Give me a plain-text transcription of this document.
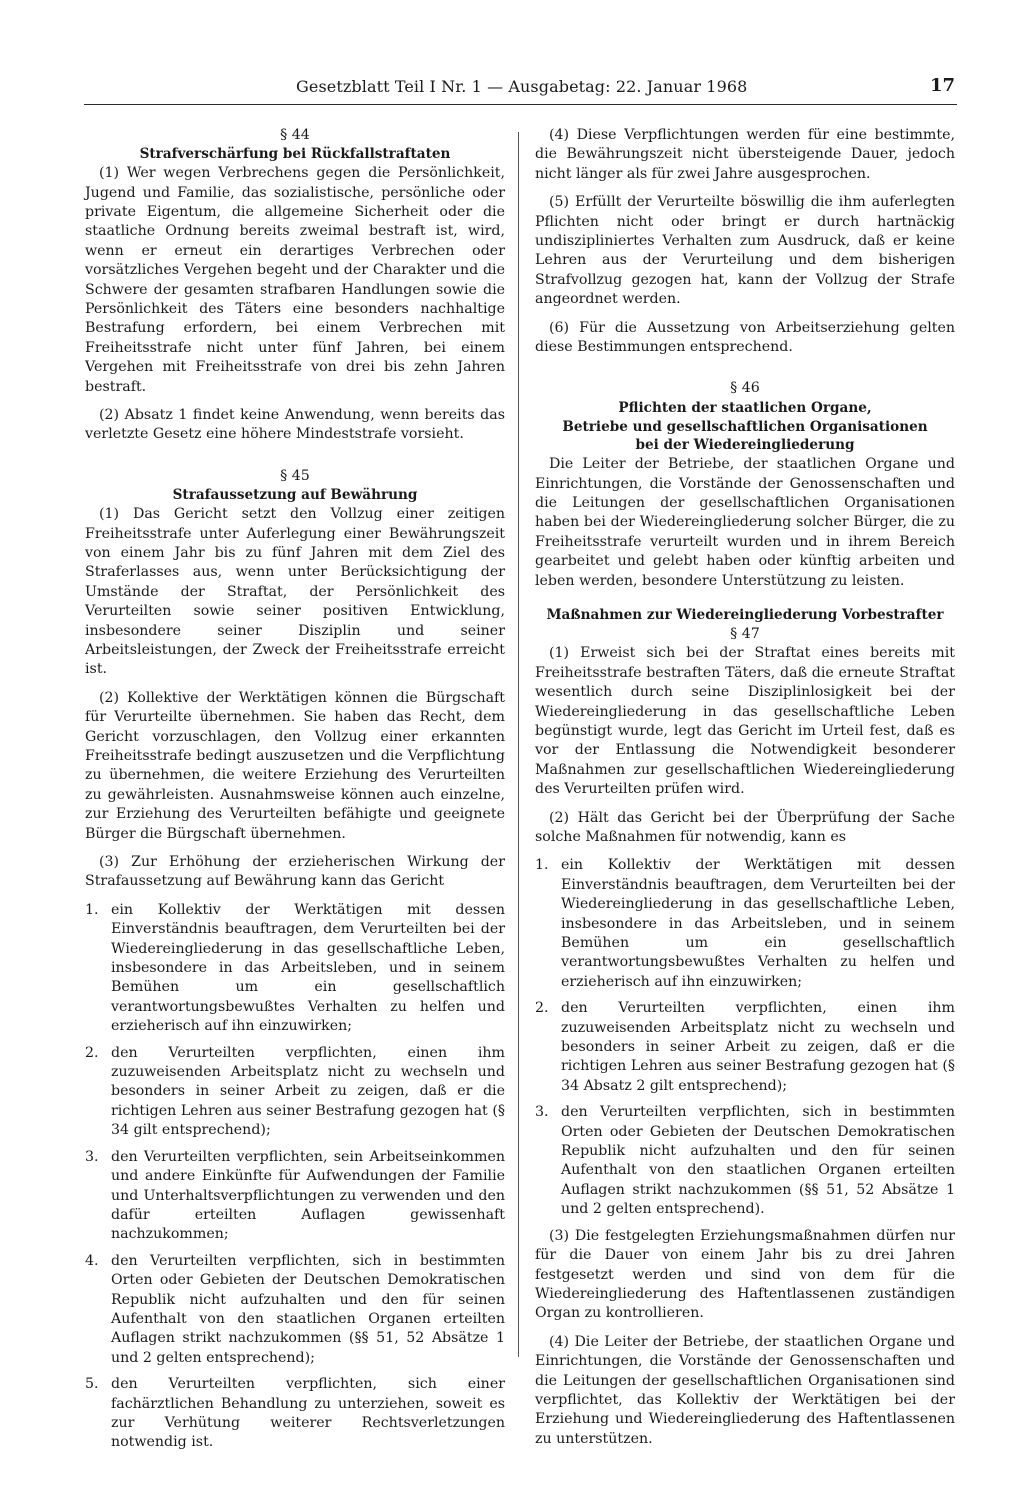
Gesetzblatt Teil I Nr. 1 — Ausgabetag: 22. Januar 1968	17

§ 44

Strafverschärfung bei Rückfallstraftaten

(1) Wer wegen Verbrechens gegen die Persönlichkeit, Jugend und Familie, das sozialistische, persönliche oder private Eigentum, die allgemeine Sicherheit oder die staatliche Ordnung bereits zweimal bestraft ist, wird, wenn er erneut ein derartiges Verbrechen oder vorsätzliches Vergehen begeht und der Charakter und die Schwere der gesamten strafbaren Handlungen sowie die Persönlichkeit des Täters eine besonders nachhaltige Bestrafung erfordern, bei einem Verbrechen mit Freiheitsstrafe nicht unter fünf Jahren, bei einem Vergehen mit Freiheitsstrafe von drei bis zehn Jahren bestraft.

(2) Absatz 1 findet keine Anwendung, wenn bereits das verletzte Gesetz eine höhere Mindeststrafe vorsieht.

§ 45

Strafaussetzung auf Bewährung

(1) Das Gericht setzt den Vollzug einer zeitigen Freiheitsstrafe unter Auferlegung einer Bewährungszeit von einem Jahr bis zu fünf Jahren mit dem Ziel des Straferlasses aus, wenn unter Berücksichtigung der Umstände der Straftat, der Persönlichkeit des Verurteilten sowie seiner positiven Entwicklung, insbesondere seiner Disziplin und seiner Arbeitsleistungen, der Zweck der Freiheitsstrafe erreicht ist.

(2) Kollektive der Werktätigen können die Bürgschaft für Verurteilte übernehmen. Sie haben das Recht, dem Gericht vorzuschlagen, den Vollzug einer erkannten Freiheitsstrafe bedingt auszusetzen und die Verpflichtung zu übernehmen, die weitere Erziehung des Verurteilten zu gewährleisten. Ausnahmsweise können auch einzelne, zur Erziehung des Verurteilten befähigte und geeignete Bürger die Bürgschaft übernehmen.

(3) Zur Erhöhung der erzieherischen Wirkung der Strafaussetzung auf Bewährung kann das Gericht

1. ein Kollektiv der Werktätigen mit dessen Einverständnis beauftragen, dem Verurteilten bei der Wiedereingliederung in das gesellschaftliche Leben, insbesondere in das Arbeitsleben, und in seinem Bemühen um ein gesellschaftlich verantwortungsbewußtes Verhalten zu helfen und erzieherisch auf ihn einzuwirken;
2. den Verurteilten verpflichten, einen ihm zuzuweisenden Arbeitsplatz nicht zu wechseln und besonders in seiner Arbeit zu zeigen, daß er die richtigen Lehren aus seiner Bestrafung gezogen hat (§ 34 gilt entsprechend);
3. den Verurteilten verpflichten, sein Arbeitseinkommen und andere Einkünfte für Aufwendungen der Familie und Unterhaltsverpflichtungen zu verwenden und den dafür erteilten Auflagen gewissenhaft nachzukommen;
4. den Verurteilten verpflichten, sich in bestimmten Orten oder Gebieten der Deutschen Demokratischen Republik nicht aufzuhalten und den für seinen Aufenthalt von den staatlichen Organen erteilten Auflagen strikt nachzukommen (§§ 51, 52 Absätze 1 und 2 gelten entsprechend);
5. den Verurteilten verpflichten, sich einer fachärztlichen Behandlung zu unterziehen, soweit es zur Verhütung weiterer Rechtsverletzungen notwendig ist.

(4) Diese Verpflichtungen werden für eine bestimmte, die Bewährungszeit nicht übersteigende Dauer, jedoch nicht länger als für zwei Jahre ausgesprochen.

(5) Erfüllt der Verurteilte böswillig die ihm auferlegten Pflichten nicht oder bringt er durch hartnäckig undiszipliniertes Verhalten zum Ausdruck, daß er keine Lehren aus der Verurteilung und dem bisherigen Strafvollzug gezogen hat, kann der Vollzug der Strafe angeordnet werden.

(6) Für die Aussetzung von Arbeitserziehung gelten diese Bestimmungen entsprechend.

§ 46

Pflichten der staatlichen Organe,

Betriebe und gesellschaftlichen Organisationen

bei der Wiedereingliederung

Die Leiter der Betriebe, der staatlichen Organe und Einrichtungen, die Vorstände der Genossenschaften und die Leitungen der gesellschaftlichen Organisationen haben bei der Wiedereingliederung solcher Bürger, die zu Freiheitsstrafe verurteilt wurden und in ihrem Bereich gearbeitet und gelebt haben oder künftig arbeiten und leben werden, besondere Unterstützung zu leisten.

Maßnahmen zur Wiedereingliederung Vorbestrafter

§ 47

(1) Erweist sich bei der Straftat eines bereits mit Freiheitsstrafe bestraften Täters, daß die erneute Straftat wesentlich durch seine Disziplinlosigkeit bei der Wiedereingliederung in das gesellschaftliche Leben begünstigt wurde, legt das Gericht im Urteil fest, daß es vor der Entlassung die Notwendigkeit besonderer Maßnahmen zur gesellschaftlichen Wiedereingliederung des Verurteilten prüfen wird.

(2) Hält das Gericht bei der Überprüfung der Sache solche Maßnahmen für notwendig, kann es

1. ein Kollektiv der Werktätigen mit dessen Einverständnis beauftragen, dem Verurteilten bei der Wiedereingliederung in das gesellschaftliche Leben, insbesondere in das Arbeitsleben, und in seinem Bemühen um ein gesellschaftlich verantwortungsbewußtes Verhalten zu helfen und erzieherisch auf ihn einzuwirken;
2. den Verurteilten verpflichten, einen ihm zuzuweisenden Arbeitsplatz nicht zu wechseln und besonders in seiner Arbeit zu zeigen, daß er die richtigen Lehren aus seiner Bestrafung gezogen hat (§ 34 Absatz 2 gilt entsprechend);
3. den Verurteilten verpflichten, sich in bestimmten Orten oder Gebieten der Deutschen Demokratischen Republik nicht aufzuhalten und den für seinen Aufenthalt von den staatlichen Organen erteilten Auflagen strikt nachzukommen (§§ 51, 52 Absätze 1 und 2 gelten entsprechend).

(3) Die festgelegten Erziehungsmaßnahmen dürfen nur für die Dauer von einem Jahr bis zu drei Jahren festgesetzt werden und sind von dem für die Wiedereingliederung des Haftentlassenen zuständigen Organ zu kontrollieren.

(4) Die Leiter der Betriebe, der staatlichen Organe und Einrichtungen, die Vorstände der Genossenschaften und die Leitungen der gesellschaftlichen Organisationen sind verpflichtet, das Kollektiv der Werktätigen bei der Erziehung und Wiedereingliederung des Haftentlassenen zu unterstützen.
